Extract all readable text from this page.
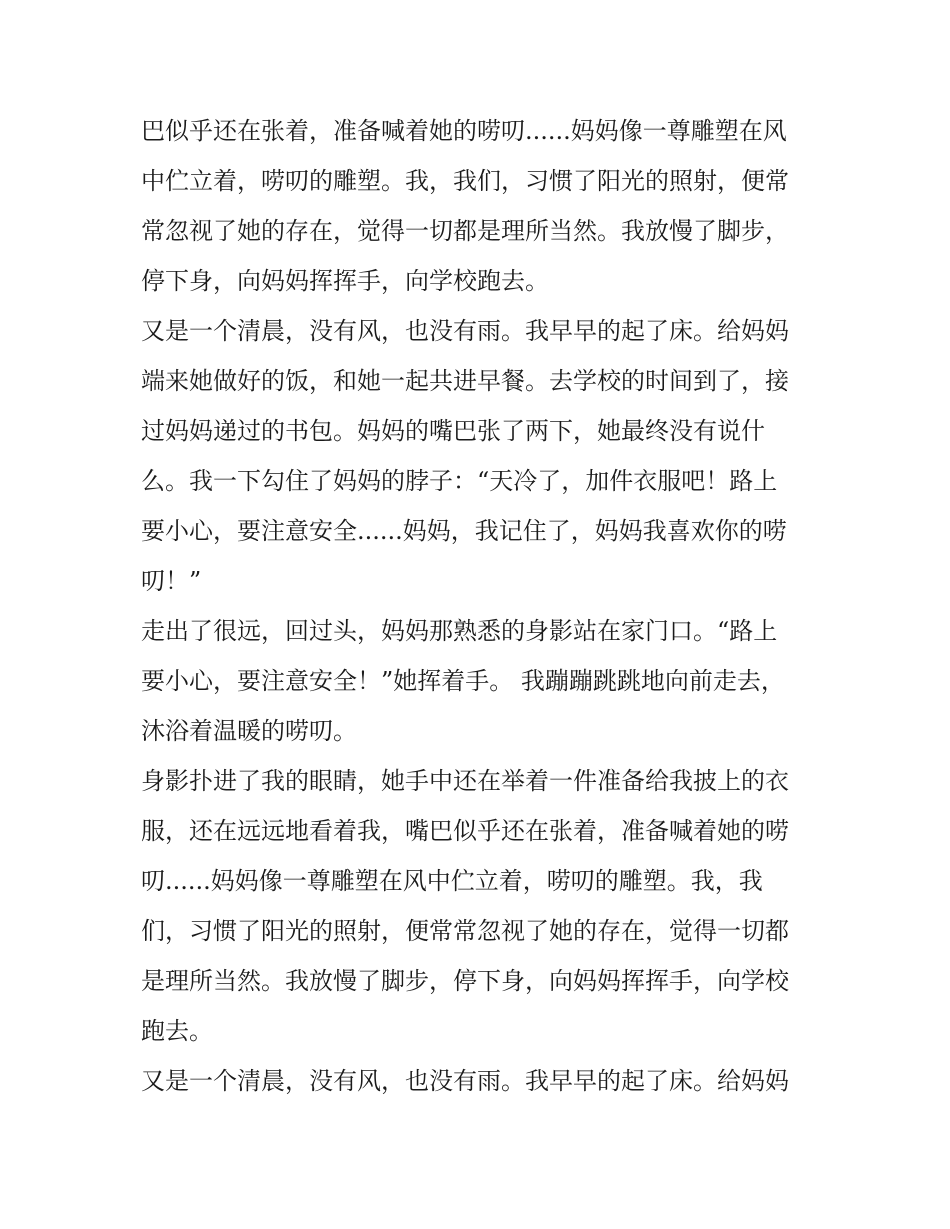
巴似乎还在张着，准备喊着她的唠叨......妈妈像一尊雕塑在风
中伫立着，唠叨的雕塑。我，我们，习惯了阳光的照射，便常
常忽视了她的存在，觉得一切都是理所当然。我放慢了脚步，
停下身，向妈妈挥挥手，向学校跑去。
又是一个清晨，没有风，也没有雨。我早早的起了床。给妈妈
端来她做好的饭，和她一起共进早餐。去学校的时间到了，接
过妈妈递过的书包。妈妈的嘴巴张了两下，她最终没有说什
么。我一下勾住了妈妈的脖子：“天冷了，加件衣服吧！路上
要小心，要注意安全......妈妈，我记住了，妈妈我喜欢你的唠
叨！”
走出了很远，回过头，妈妈那熟悉的身影站在家门口。“路上
要小心，要注意安全！”她挥着手。 我蹦蹦跳跳地向前走去，
沐浴着温暖的唠叨。
身影扑进了我的眼睛，她手中还在举着一件准备给我披上的衣
服，还在远远地看着我，嘴巴似乎还在张着，准备喊着她的唠
叨......妈妈像一尊雕塑在风中伫立着，唠叨的雕塑。我，我
们，习惯了阳光的照射，便常常忽视了她的存在，觉得一切都
是理所当然。我放慢了脚步，停下身，向妈妈挥挥手，向学校
跑去。
又是一个清晨，没有风，也没有雨。我早早的起了床。给妈妈
